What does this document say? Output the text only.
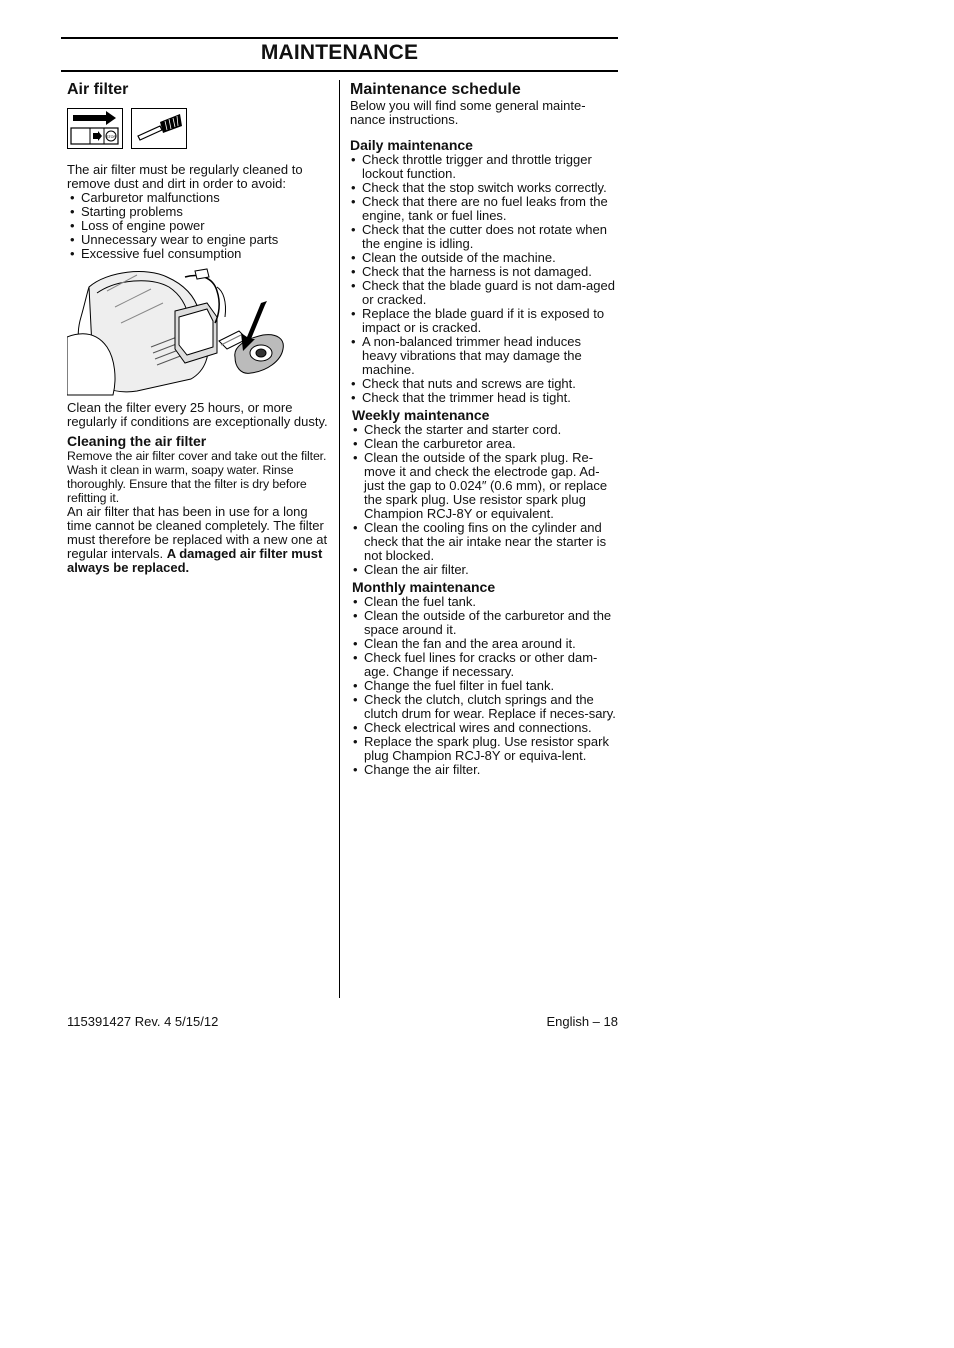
MAINTENANCE
Air filter
STOP

The air filter must be regularly cleaned to remove dust and dirt in order to avoid:

• Carburetor malfunctions
• Starting problems
• Loss of engine power
• Unnecessary wear to engine parts
• Excessive fuel consumption

Clean the filter every 25 hours, or more regularly if conditions are exceptionally dusty.

Cleaning the air filter

Remove the air filter cover and take out the filter. Wash it clean in warm, soapy water. Rinse thoroughly. Ensure that the filter is dry before refitting it.

An air filter that has been in use for a long time cannot be cleaned completely. The filter must therefore be replaced with a new one at regular intervals. A damaged air filter must always be replaced.

Maintenance schedule

Below you will find some general mainte-nance instructions.

Daily maintenance
• Check throttle trigger and throttle trigger lockout function.
• Check that the stop switch works correctly.
• Check that there are no fuel leaks from the engine, tank or fuel lines.
• Check that the cutter does not rotate when the engine is idling.
• Clean the outside of the machine.
• Check that the harness is not damaged.
• Check that the blade guard is not dam-aged or cracked.
• Replace the blade guard if it is exposed to impact or is cracked.
• A non-balanced trimmer head induces heavy vibrations that may damage the machine.
• Check that nuts and screws are tight.
• Check that the trimmer head is tight.
Weekly maintenance
• Check the starter and starter cord.
• Clean the carburetor area.
• Clean the outside of the spark plug. Re-move it and check the electrode gap. Ad-just the gap to 0.024″ (0.6 mm), or replace the spark plug. Use resistor spark plug Champion RCJ-8Y or equivalent.
• Clean the cooling fins on the cylinder and check that the air intake near the starter is not blocked.
• Clean the air filter.
Monthly maintenance
• Clean the fuel tank.
• Clean the outside of the carburetor and the space around it.
• Clean the fan and the area around it.
• Check fuel lines for cracks or other dam-age. Change if necessary.
• Change the fuel filter in fuel tank.
• Check the clutch, clutch springs and the clutch drum for wear. Replace if neces-sary.
• Check electrical wires and connections.
• Replace the spark plug. Use resistor spark plug Champion RCJ-8Y or equiva-lent.
• Change the air filter.
115391427 Rev. 4 5/15/12	English – 18
